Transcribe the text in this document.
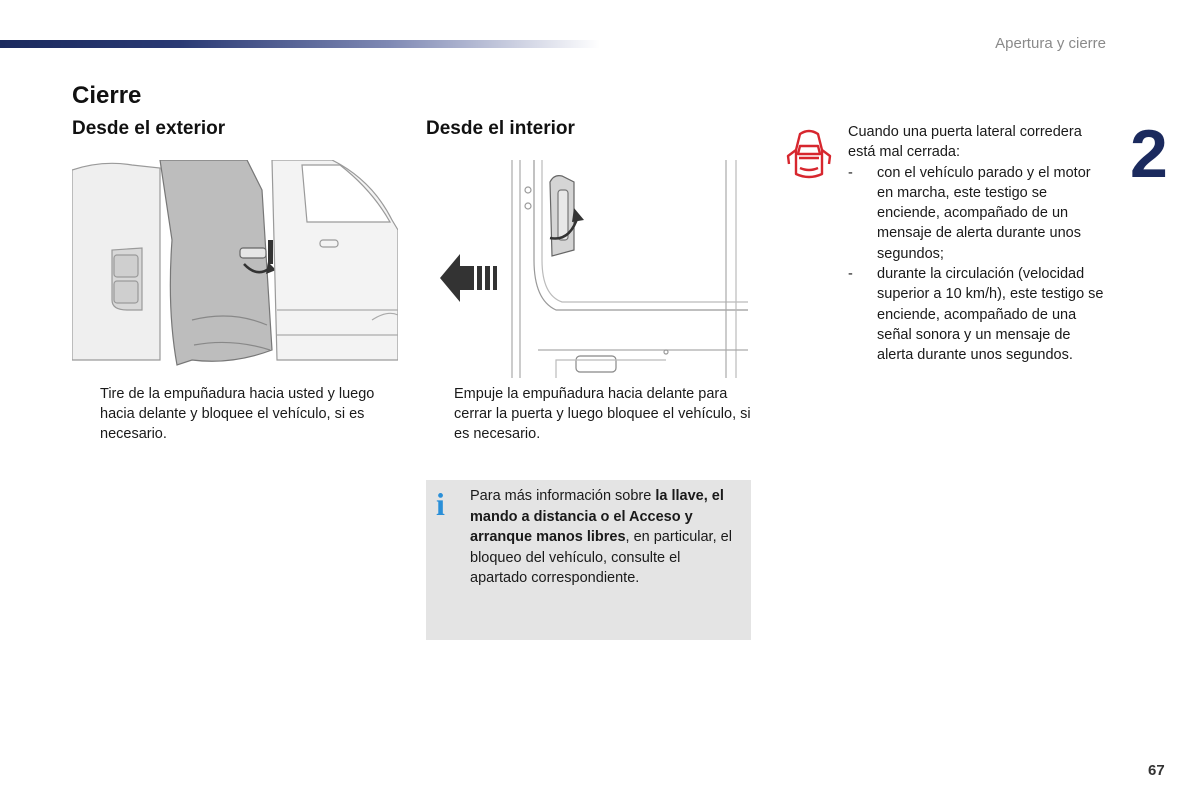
Apertura y cierre
2
Cierre
Desde el exterior
Tire de la empuñadura hacia usted y luego hacia delante y bloquee el vehículo, si es necesario.
Desde el interior
Empuje la empuñadura hacia delante para cerrar la puerta y luego bloquee el vehículo, si es necesario.
i Para más información sobre la llave, el mando a distancia o el Acceso y arranque manos libres, en particular, el bloqueo del vehículo, consulte el apartado correspondiente.
Cuando una puerta lateral corredera está mal cerrada:
- con el vehículo parado y el motor en marcha, este testigo se enciende, acompañado de un mensaje de alerta durante unos segundos;
- durante la circulación (velocidad superior a 10 km/h), este testigo se enciende, acompañado de una señal sonora y un mensaje de alerta durante unos segundos.
67
